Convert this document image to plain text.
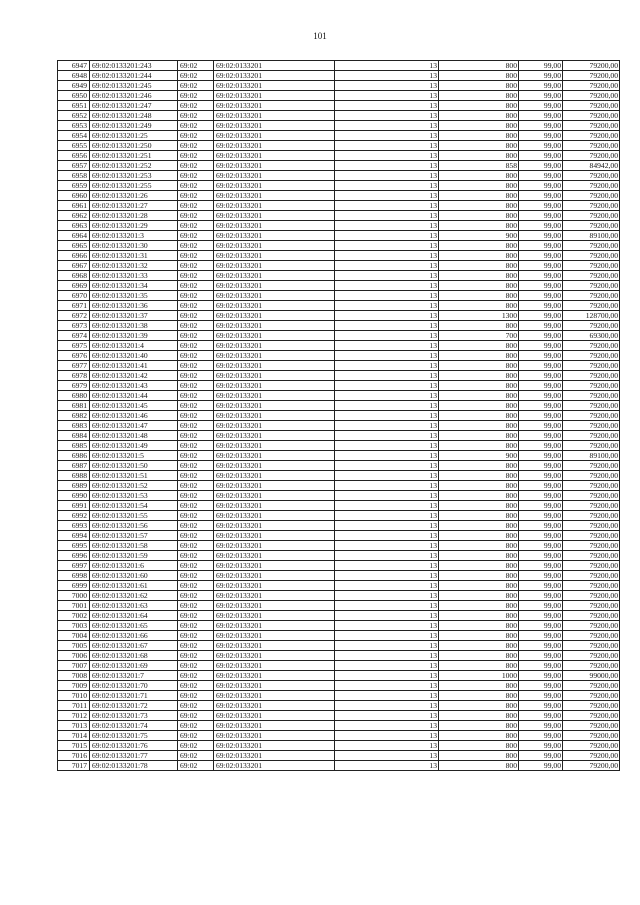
101
6947	69:02:0133201:243	69:02	69:02:0133201	13	800	99,00	79200,00
6948	69:02:0133201:244	69:02	69:02:0133201	13	800	99,00	79200,00
6949	69:02:0133201:245	69:02	69:02:0133201	13	800	99,00	79200,00
6950	69:02:0133201:246	69:02	69:02:0133201	13	800	99,00	79200,00
6951	69:02:0133201:247	69:02	69:02:0133201	13	800	99,00	79200,00
6952	69:02:0133201:248	69:02	69:02:0133201	13	800	99,00	79200,00
6953	69:02:0133201:249	69:02	69:02:0133201	13	800	99,00	79200,00
6954	69:02:0133201:25	69:02	69:02:0133201	13	800	99,00	79200,00
6955	69:02:0133201:250	69:02	69:02:0133201	13	800	99,00	79200,00
6956	69:02:0133201:251	69:02	69:02:0133201	13	800	99,00	79200,00
6957	69:02:0133201:252	69:02	69:02:0133201	13	858	99,00	84942,00
6958	69:02:0133201:253	69:02	69:02:0133201	13	800	99,00	79200,00
6959	69:02:0133201:255	69:02	69:02:0133201	13	800	99,00	79200,00
6960	69:02:0133201:26	69:02	69:02:0133201	13	800	99,00	79200,00
6961	69:02:0133201:27	69:02	69:02:0133201	13	800	99,00	79200,00
6962	69:02:0133201:28	69:02	69:02:0133201	13	800	99,00	79200,00
6963	69:02:0133201:29	69:02	69:02:0133201	13	800	99,00	79200,00
6964	69:02:0133201:3	69:02	69:02:0133201	13	900	99,00	89100,00
6965	69:02:0133201:30	69:02	69:02:0133201	13	800	99,00	79200,00
6966	69:02:0133201:31	69:02	69:02:0133201	13	800	99,00	79200,00
6967	69:02:0133201:32	69:02	69:02:0133201	13	800	99,00	79200,00
6968	69:02:0133201:33	69:02	69:02:0133201	13	800	99,00	79200,00
6969	69:02:0133201:34	69:02	69:02:0133201	13	800	99,00	79200,00
6970	69:02:0133201:35	69:02	69:02:0133201	13	800	99,00	79200,00
6971	69:02:0133201:36	69:02	69:02:0133201	13	800	99,00	79200,00
6972	69:02:0133201:37	69:02	69:02:0133201	13	1300	99,00	128700,00
6973	69:02:0133201:38	69:02	69:02:0133201	13	800	99,00	79200,00
6974	69:02:0133201:39	69:02	69:02:0133201	13	700	99,00	69300,00
6975	69:02:0133201:4	69:02	69:02:0133201	13	800	99,00	79200,00
6976	69:02:0133201:40	69:02	69:02:0133201	13	800	99,00	79200,00
6977	69:02:0133201:41	69:02	69:02:0133201	13	800	99,00	79200,00
6978	69:02:0133201:42	69:02	69:02:0133201	13	800	99,00	79200,00
6979	69:02:0133201:43	69:02	69:02:0133201	13	800	99,00	79200,00
6980	69:02:0133201:44	69:02	69:02:0133201	13	800	99,00	79200,00
6981	69:02:0133201:45	69:02	69:02:0133201	13	800	99,00	79200,00
6982	69:02:0133201:46	69:02	69:02:0133201	13	800	99,00	79200,00
6983	69:02:0133201:47	69:02	69:02:0133201	13	800	99,00	79200,00
6984	69:02:0133201:48	69:02	69:02:0133201	13	800	99,00	79200,00
6985	69:02:0133201:49	69:02	69:02:0133201	13	800	99,00	79200,00
6986	69:02:0133201:5	69:02	69:02:0133201	13	900	99,00	89100,00
6987	69:02:0133201:50	69:02	69:02:0133201	13	800	99,00	79200,00
6988	69:02:0133201:51	69:02	69:02:0133201	13	800	99,00	79200,00
6989	69:02:0133201:52	69:02	69:02:0133201	13	800	99,00	79200,00
6990	69:02:0133201:53	69:02	69:02:0133201	13	800	99,00	79200,00
6991	69:02:0133201:54	69:02	69:02:0133201	13	800	99,00	79200,00
6992	69:02:0133201:55	69:02	69:02:0133201	13	800	99,00	79200,00
6993	69:02:0133201:56	69:02	69:02:0133201	13	800	99,00	79200,00
6994	69:02:0133201:57	69:02	69:02:0133201	13	800	99,00	79200,00
6995	69:02:0133201:58	69:02	69:02:0133201	13	800	99,00	79200,00
6996	69:02:0133201:59	69:02	69:02:0133201	13	800	99,00	79200,00
6997	69:02:0133201:6	69:02	69:02:0133201	13	800	99,00	79200,00
6998	69:02:0133201:60	69:02	69:02:0133201	13	800	99,00	79200,00
6999	69:02:0133201:61	69:02	69:02:0133201	13	800	99,00	79200,00
7000	69:02:0133201:62	69:02	69:02:0133201	13	800	99,00	79200,00
7001	69:02:0133201:63	69:02	69:02:0133201	13	800	99,00	79200,00
7002	69:02:0133201:64	69:02	69:02:0133201	13	800	99,00	79200,00
7003	69:02:0133201:65	69:02	69:02:0133201	13	800	99,00	79200,00
7004	69:02:0133201:66	69:02	69:02:0133201	13	800	99,00	79200,00
7005	69:02:0133201:67	69:02	69:02:0133201	13	800	99,00	79200,00
7006	69:02:0133201:68	69:02	69:02:0133201	13	800	99,00	79200,00
7007	69:02:0133201:69	69:02	69:02:0133201	13	800	99,00	79200,00
7008	69:02:0133201:7	69:02	69:02:0133201	13	1000	99,00	99000,00
7009	69:02:0133201:70	69:02	69:02:0133201	13	800	99,00	79200,00
7010	69:02:0133201:71	69:02	69:02:0133201	13	800	99,00	79200,00
7011	69:02:0133201:72	69:02	69:02:0133201	13	800	99,00	79200,00
7012	69:02:0133201:73	69:02	69:02:0133201	13	800	99,00	79200,00
7013	69:02:0133201:74	69:02	69:02:0133201	13	800	99,00	79200,00
7014	69:02:0133201:75	69:02	69:02:0133201	13	800	99,00	79200,00
7015	69:02:0133201:76	69:02	69:02:0133201	13	800	99,00	79200,00
7016	69:02:0133201:77	69:02	69:02:0133201	13	800	99,00	79200,00
7017	69:02:0133201:78	69:02	69:02:0133201	13	800	99,00	79200,00
